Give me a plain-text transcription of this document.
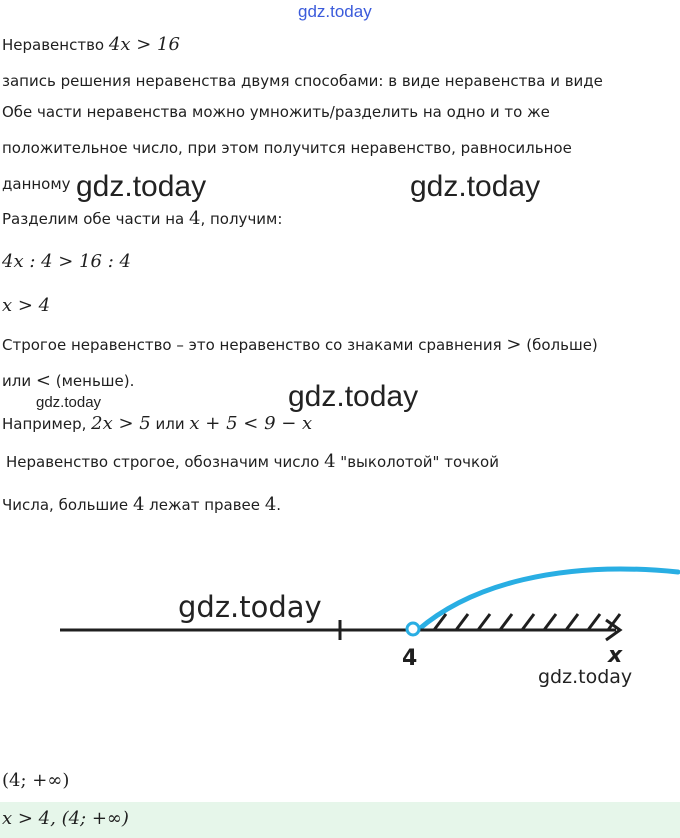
gdz.today
Неравенство 4x > 16
запись решения неравенства двумя способами: в виде неравенства и виде
Обе части неравенства можно умножить/разделить на одно и то же
положительное число, при этом получится неравенство, равносильное
данному gdz.today	gdz.today
Разделим обе части на 4, получим:
4x : 4 > 16 : 4
x > 4
Строгое неравенство – это неравенство со знаками сравнения > (больше)
или < (меньше).
gdz.today	gdz.today
Например, 2x > 5 или x + 5 < 9 − x
Неравенство строгое, обозначим число 4 "выколотой" точкой
Числа, большие 4 лежат правее 4.
4	x
gdz.today
gdz.today
(4; +∞)
x > 4, (4; +∞)
